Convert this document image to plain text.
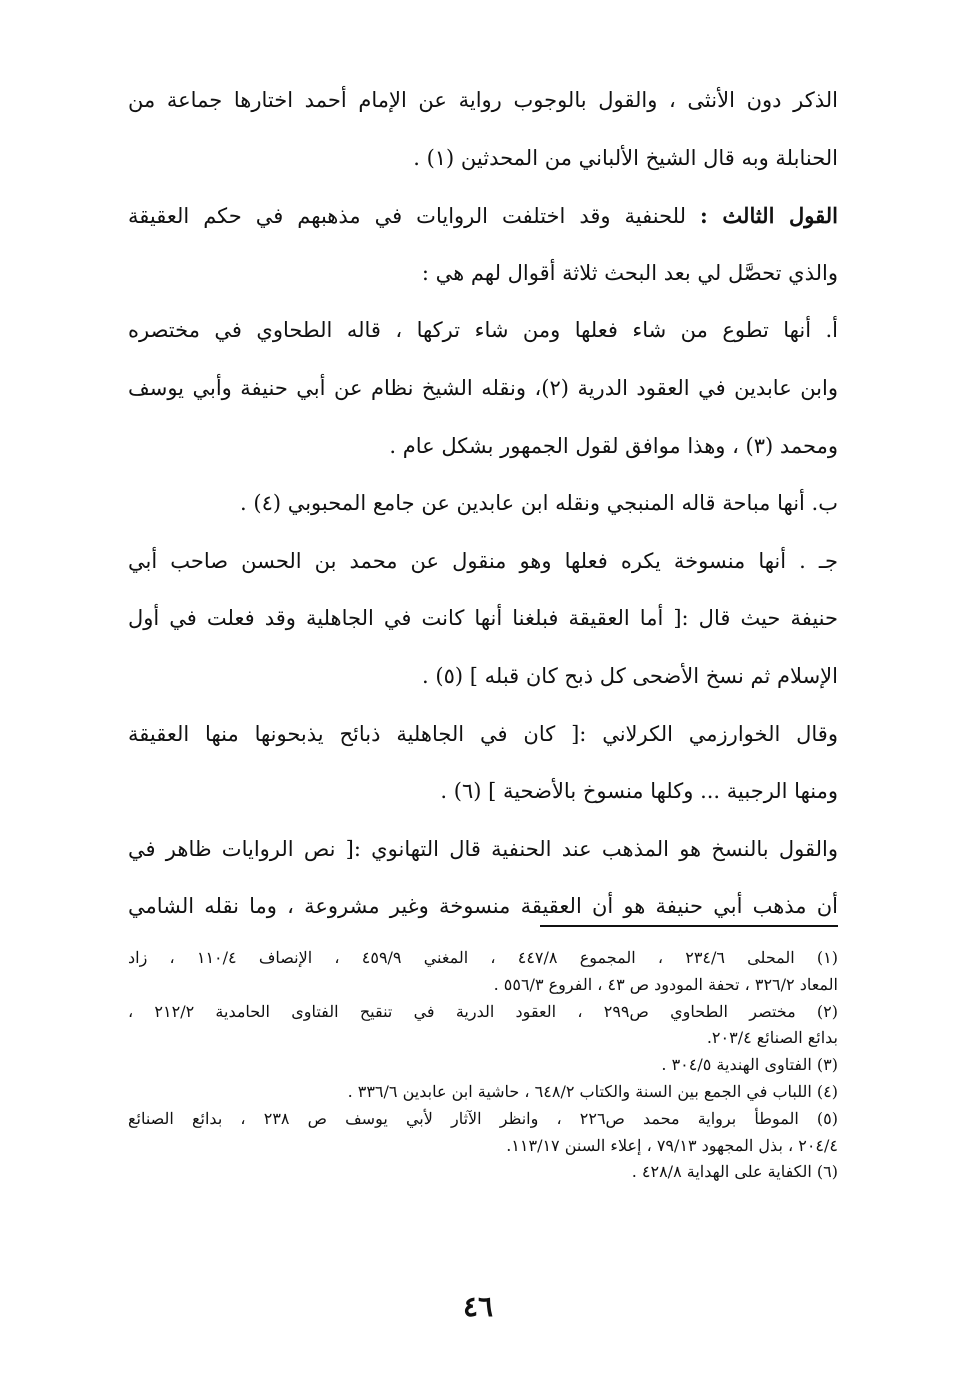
الذكر دون الأنثى ، والقول بالوجوب رواية عن الإمام أحمد اختارها جماعة من
الحنابلة وبه قال الشيخ الألباني من المحدثين (١) .
القول الثالث : للحنفية وقد اختلفت الروايات في مذهبهم في حكم العقيقة
والذي تحصَّل لي بعد البحث ثلاثة أقوال لهم هي :
أ. أنها تطوع من شاء فعلها ومن شاء تركها ، قاله الطحاوي في مختصره
وابن عابدين في العقود الدرية (٢)، ونقله الشيخ نظام عن أبي حنيفة وأبي يوسف
ومحمد (٣) ، وهذا موافق لقول الجمهور بشكل عام .
ب. أنها مباحة قاله المنبجي ونقله ابن عابدين عن جامع المحبوبي (٤) .
جـ . أنها منسوخة يكره فعلها وهو منقول عن محمد بن الحسن صاحب أبي
حنيفة حيث قال :[ أما العقيقة فبلغنا أنها كانت في الجاهلية وقد فعلت في أول
الإسلام ثم نسخ الأضحى كل ذبح كان قبله ] (٥) .
وقال الخوارزمي الكرلاني :[ كان في الجاهلية ذبائح يذبحونها منها العقيقة
ومنها الرجبية ... وكلها منسوخ بالأضحية ] (٦) .
والقول بالنسخ هو المذهب عند الحنفية قال التهانوي :[ نص الروايات ظاهر في
أن مذهب أبي حنيفة هو أن العقيقة منسوخة وغير مشروعة ، وما نقله الشامي
(١) المحلى ٢٣٤/٦ ، المجموع ٤٤٧/٨ ، المغني ٤٥٩/٩ ، الإنصاف ١١٠/٤ ، زاد
المعاد ٣٢٦/٢ ، تحفة المودود ص ٤٣ ، الفروع ٥٥٦/٣ .
(٢) مختصر الطحاوي ص٢٩٩ ، العقود الدرية في تنقيح الفتاوى الحامدية ٢١٢/٢ ،
بدائع الصنائع ٢٠٣/٤.
(٣) الفتاوى الهندية ٣٠٤/٥ .
(٤) اللباب في الجمع بين السنة والكتاب ٦٤٨/٢ ، حاشية ابن عابدين ٣٣٦/٦ .
(٥) الموطأ برواية محمد ص٢٢٦ ، وانظر الآثار لأبي يوسف ص ٢٣٨ ، بدائع الصنائع
٢٠٤/٤ ، بذل المجهود ٧٩/١٣ ، إعلاء السنن ١١٣/١٧.
(٦) الكفاية على الهداية ٤٢٨/٨ .
٤٦
